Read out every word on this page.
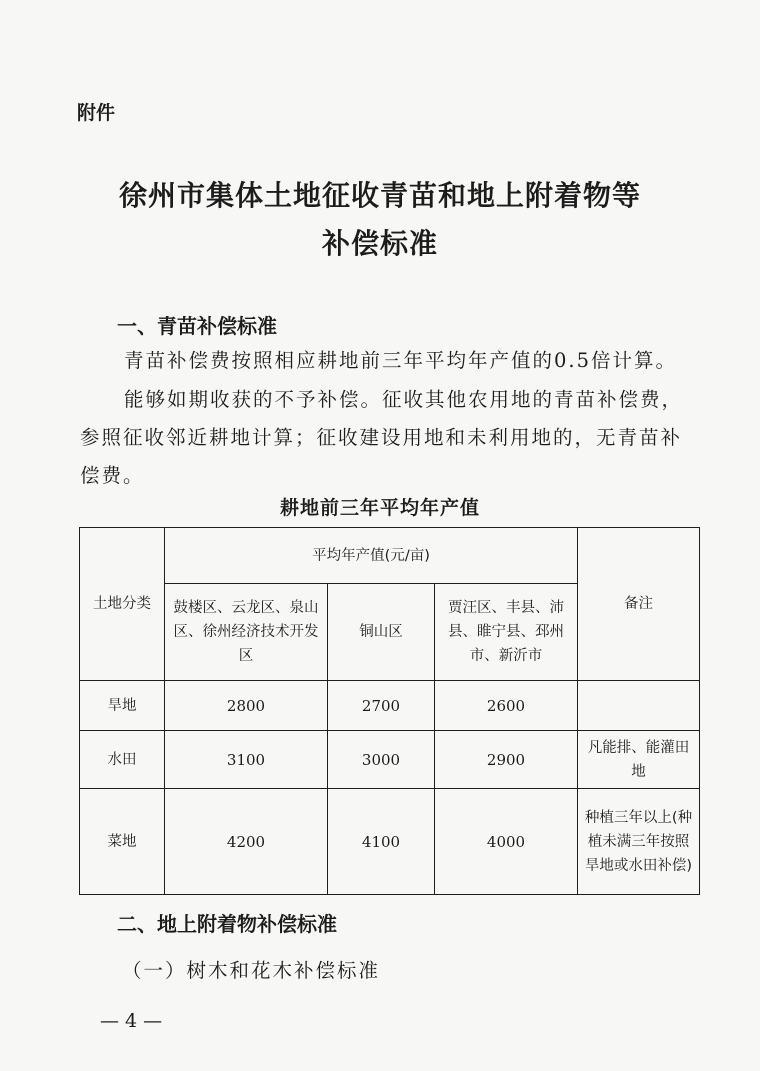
附件
徐州市集体土地征收青苗和地上附着物等
补偿标准
一、青苗补偿标准
青苗补偿费按照相应耕地前三年平均年产值的0.5倍计算。
能够如期收获的不予补偿。征收其他农用地的青苗补偿费，
参照征收邻近耕地计算；征收建设用地和未利用地的，无青苗补
偿费。
耕地前三年平均年产值
土地分类	平均年产值(元/亩)			备注
	鼓楼区、云龙区、泉山区、徐州经济技术开发区	铜山区	贾汪区、丰县、沛县、睢宁县、邳州市、新沂市	
旱地	2800	2700	2600	
水田	3100	3000	2900	凡能排、能灌田地
菜地	4200	4100	4000	种植三年以上(种植未满三年按照旱地或水田补偿)
二、地上附着物补偿标准
（一）树木和花木补偿标准
— 4 —
